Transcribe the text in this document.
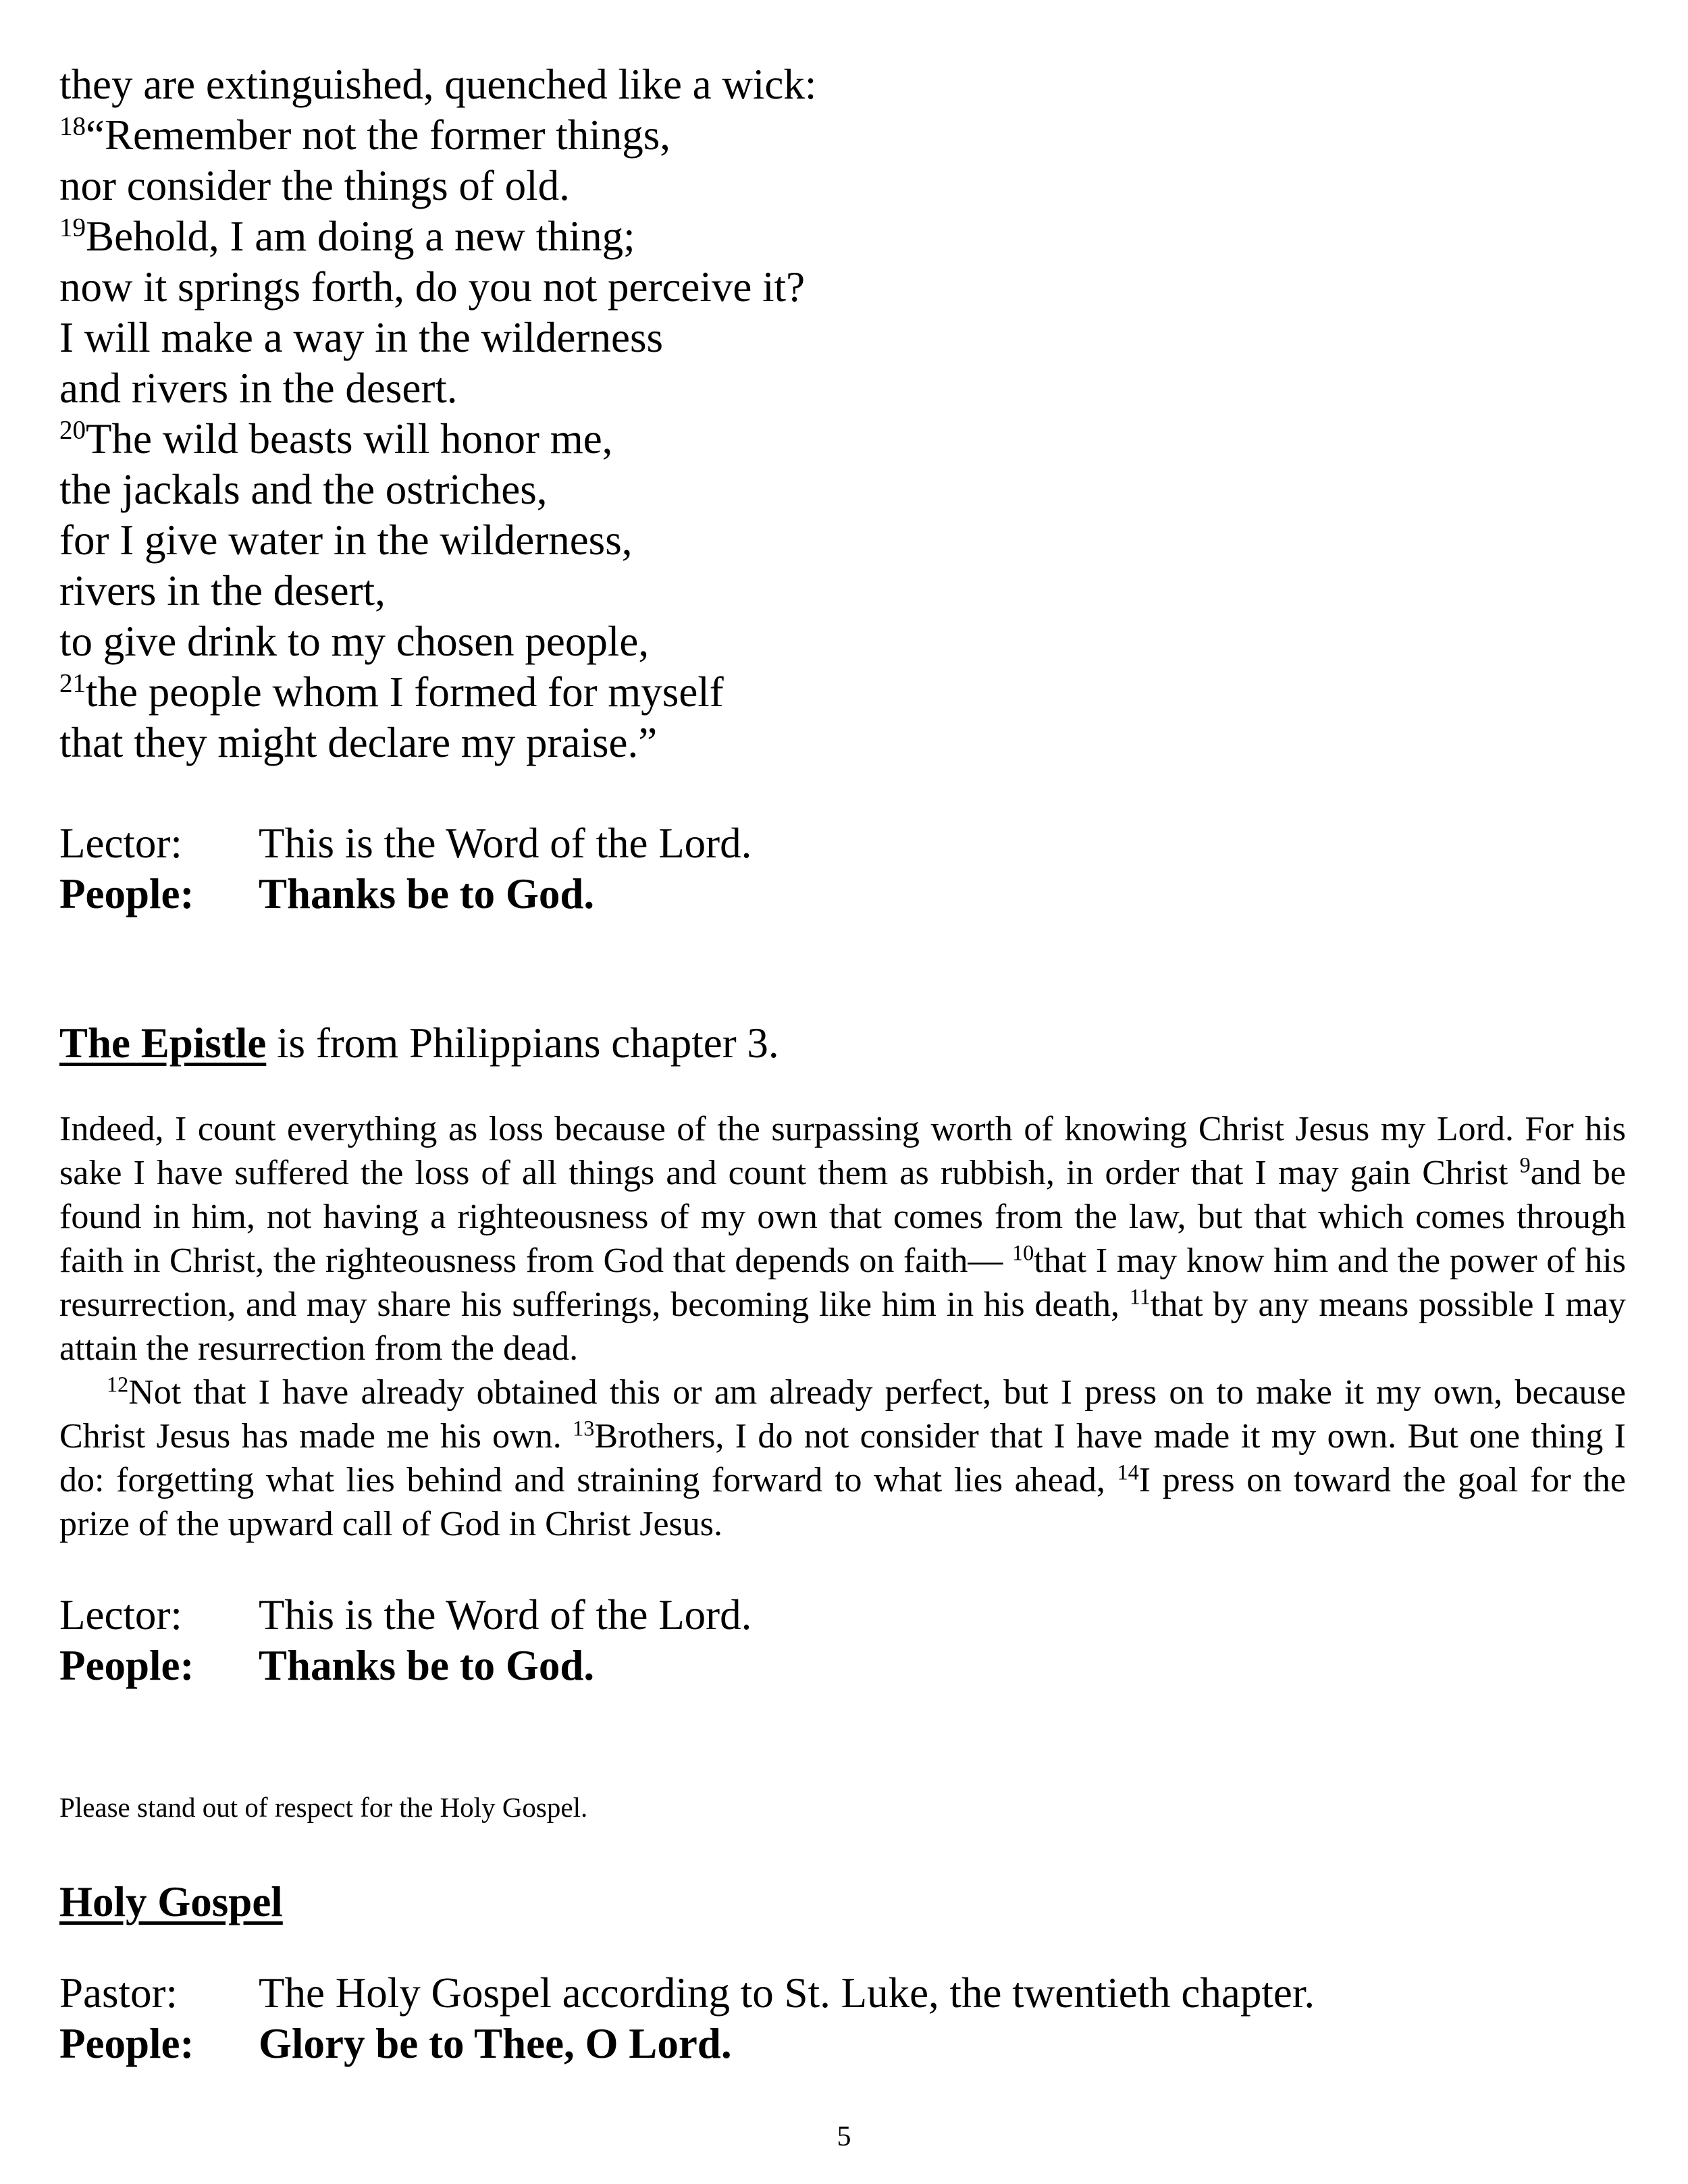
they are extinguished, quenched like a wick:
$^{18}$“Remember not the former things,
nor consider the things of old.
$^{19}$Behold, I am doing a new thing;
now it springs forth, do you not perceive it?
I will make a way in the wilderness
and rivers in the desert.
$^{20}$The wild beasts will honor me,
the jackals and the ostriches,
for I give water in the wilderness,
rivers in the desert,
to give drink to my chosen people,
$^{21}$the people whom I formed for myself
that they might declare my praise.”
Lector: This is the Word of the Lord.
People: Thanks be to God.
The Epistle is from Philippians chapter 3.

Indeed, I count everything as loss because of the surpassing worth of knowing Christ Jesus my Lord. For his sake I have suffered the loss of all things and count them as rubbish, in order that I may gain Christ $^9$and be found in him, not having a righteousness of my own that comes from the law, but that which comes through faith in Christ, the righteousness from God that depends on faith— $^{10}$that I may know him and the power of his resurrection, and may share his sufferings, becoming like him in his death, $^{11}$that by any means possible I may attain the resurrection from the dead.

$^{12}$Not that I have already obtained this or am already perfect, but I press on to make it my own, because Christ Jesus has made me his own. $^{13}$Brothers, I do not consider that I have made it my own. But one thing I do: forgetting what lies behind and straining forward to what lies ahead, $^{14}$I press on toward the goal for the prize of the upward call of God in Christ Jesus.

Lector: This is the Word of the Lord.
People: Thanks be to God.
Please stand out of respect for the Holy Gospel.
Holy Gospel
Pastor: The Holy Gospel according to St. Luke, the twentieth chapter.
People: Glory be to Thee, O Lord.
5
